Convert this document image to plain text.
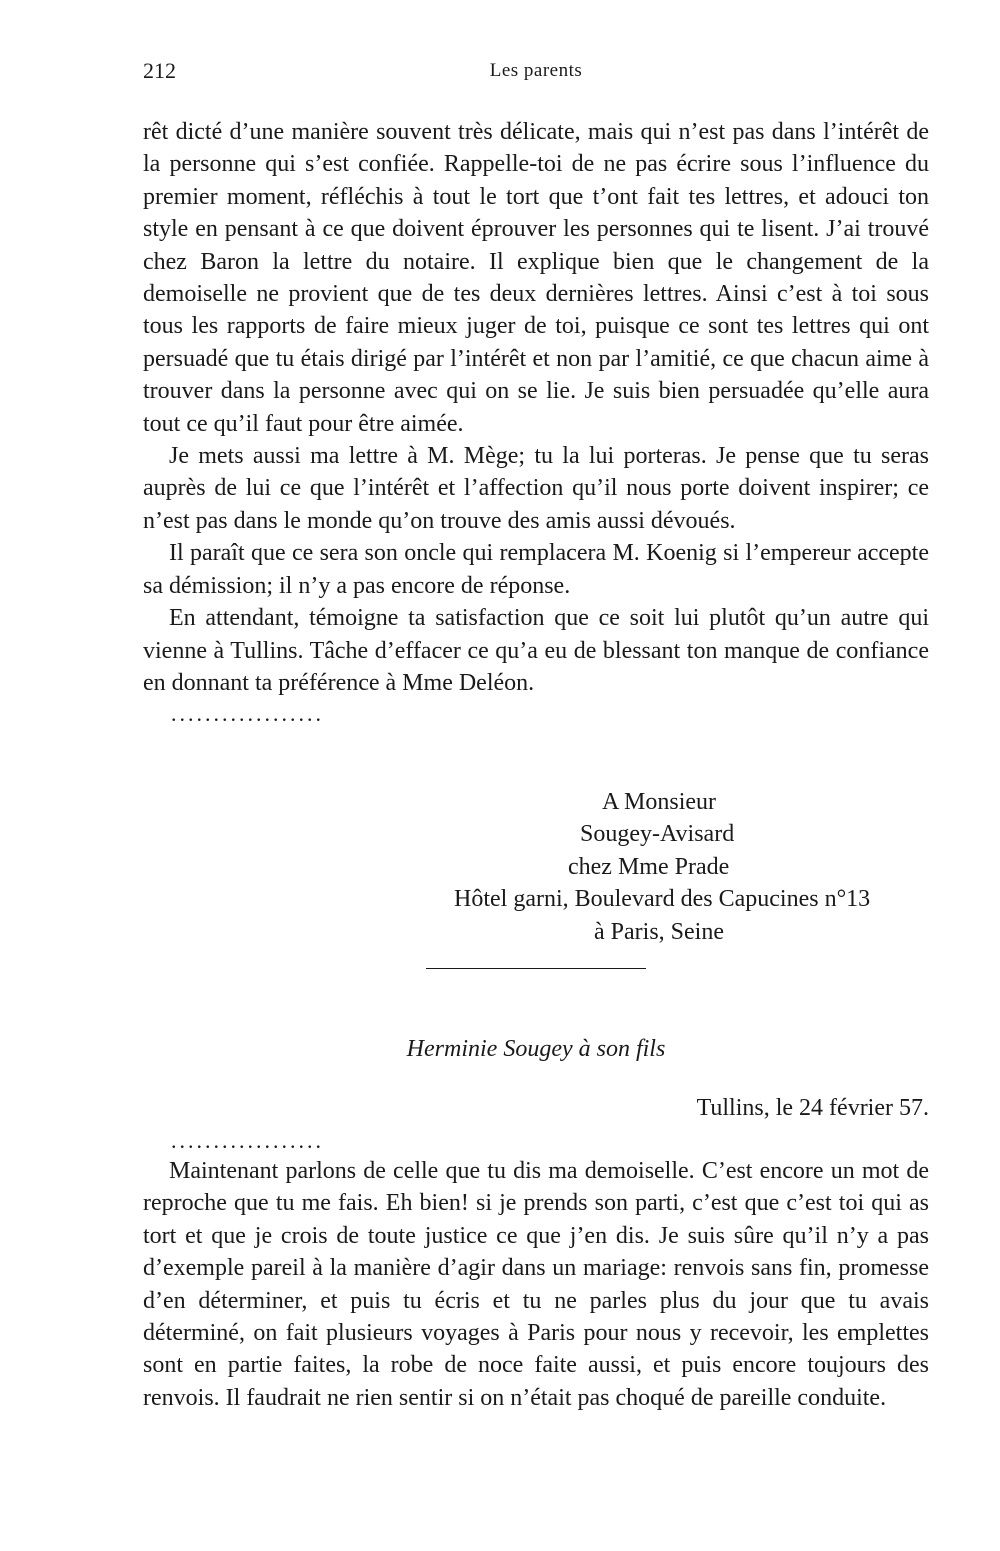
212	Les parents

rêt dicté d’une manière souvent très délicate, mais qui n’est pas dans l’intérêt de la personne qui s’est confiée. Rappelle-toi de ne pas écrire sous l’influence du premier moment, réfléchis à tout le tort que t’ont fait tes lettres, et adouci ton style en pensant à ce que doivent éprouver les personnes qui te lisent. J’ai trouvé chez Baron la lettre du notaire. Il explique bien que le changement de la demoiselle ne provient que de tes deux dernières lettres. Ainsi c’est à toi sous tous les rapports de faire mieux juger de toi, puisque ce sont tes lettres qui ont persuadé que tu étais dirigé par l’intérêt et non par l’amitié, ce que chacun aime à trouver dans la personne avec qui on se lie. Je suis bien persuadée qu’elle aura tout ce qu’il faut pour être aimée.

Je mets aussi ma lettre à M. Mège; tu la lui porteras. Je pense que tu seras auprès de lui ce que l’intérêt et l’affection qu’il nous porte doivent inspirer; ce n’est pas dans le monde qu’on trouve des amis aussi dévoués.

Il paraît que ce sera son oncle qui remplacera M. Koenig si l’empereur accepte sa démission; il n’y a pas encore de réponse.

En attendant, témoigne ta satisfaction que ce soit lui plutôt qu’un autre qui vienne à Tullins. Tâche d’effacer ce qu’a eu de blessant ton manque de confiance en donnant ta préférence à Mme Deléon.

..................

A Monsieur
Sougey-Avisard
chez Mme Prade
Hôtel garni, Boulevard des Capucines n°13
à Paris, Seine
Herminie Sougey à son fils
Tullins, le 24 février 57.

..................

Maintenant parlons de celle que tu dis ma demoiselle. C’est encore un mot de reproche que tu me fais. Eh bien! si je prends son parti, c’est que c’est toi qui as tort et que je crois de toute justice ce que j’en dis. Je suis sûre qu’il n’y a pas d’exemple pareil à la manière d’agir dans un mariage: renvois sans fin, promesse d’en déterminer, et puis tu écris et tu ne parles plus du jour que tu avais déterminé, on fait plusieurs voyages à Paris pour nous y recevoir, les emplettes sont en partie faites, la robe de noce faite aussi, et puis encore toujours des renvois. Il faudrait ne rien sentir si on n’était pas choqué de pareille conduite.
